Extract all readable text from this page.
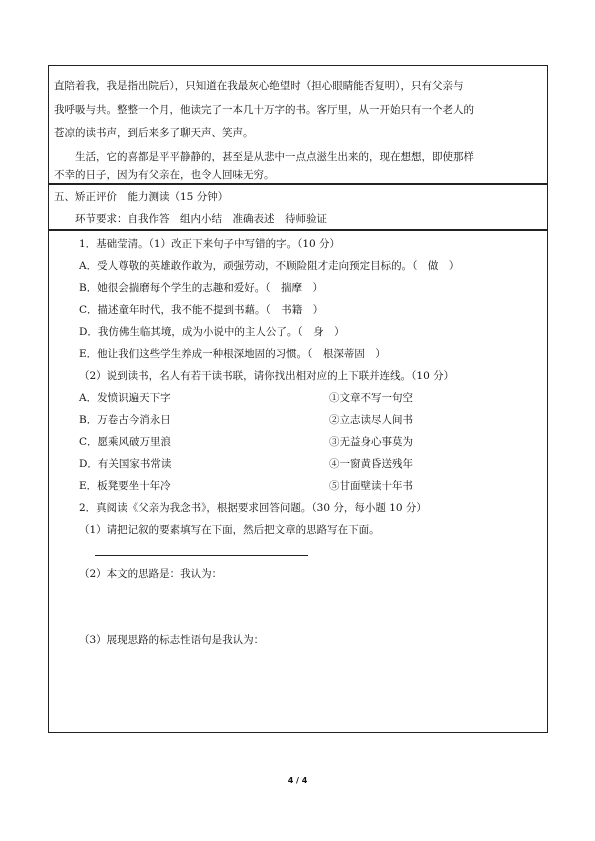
直陪着我，我是指出院后），只知道在我最灰心绝望时（担心眼睛能否复明），只有父亲与
我呼吸与共。整整一个月，他读完了一本几十万字的书。客厅里，从一开始只有一个老人的
苍凉的读书声，到后来多了聊天声、笑声。
生活，它的喜都是平平静静的，甚至是从悲中一点点滋生出来的，现在想想，即使那样
不幸的日子，因为有父亲在，也令人回味无穷。
五、矫正评价　能力测读（15 分钟）
环节要求：自我作答　组内小结　准确表述　待师验证
1．基础莹清。（1）改正下来句子中写错的字。（10 分）
A．受人尊敬的英雄敢作敢为，顽强劳动，不顾险阻才走向预定目标的。（　做　）
B．她很会揣磨每个学生的志趣和爱好。（　揣摩　）
C．描述童年时代，我不能不提到书藉。（　书籍　）
D．我仿佛生临其境，成为小说中的主人公了。（　身　）
E．他让我们这些学生养成一种根深地固的习惯。（　根深蒂固　）
（2）说到读书，名人有若干读书联，请你找出相对应的上下联并连线。（10 分）
A．发愤识遍天下字	①文章不写一句空
B．万卷古今消永日	②立志读尽人间书
C．愿乘风破万里浪	③无益身心事莫为
D．有关国家书常读	④一窗黄昏送残年
E．板凳要坐十年冷	⑤甘面壁读十年书
2．真阅读《父亲为我念书》，根据要求回答问题。（30 分，每小题 10 分）
（1）请把记叙的要素填写在下面，然后把文章的思路写在下面。
（2）本文的思路是：我认为：
（3）展现思路的标志性语句是我认为：
4 / 4
